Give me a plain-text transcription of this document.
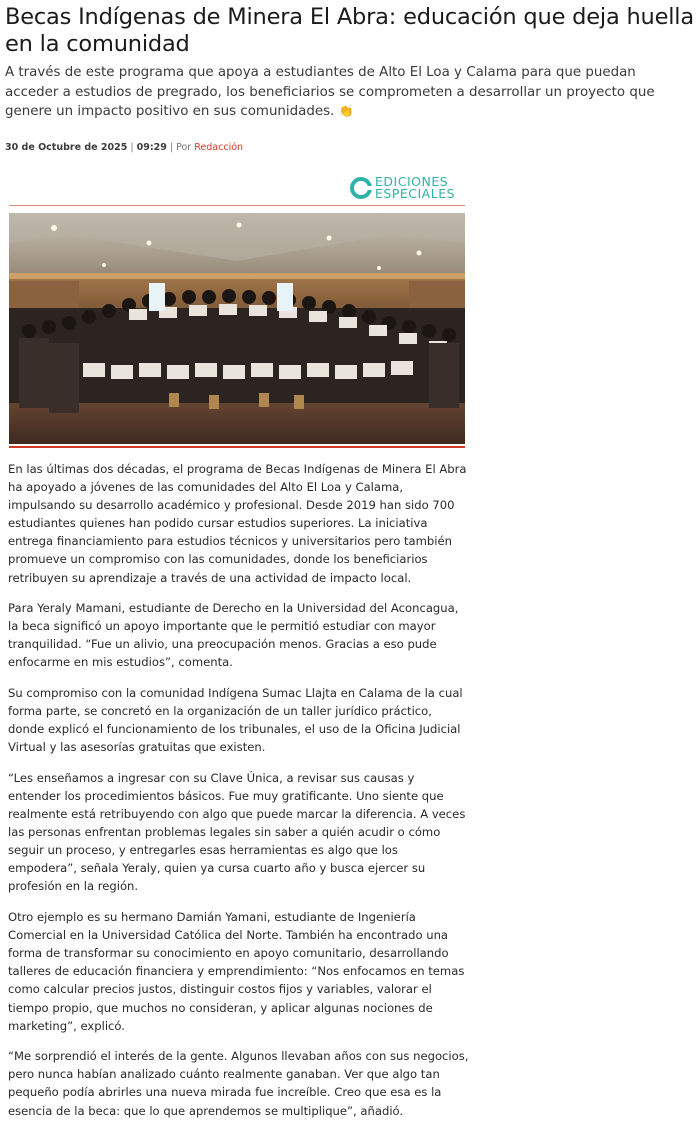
Becas Indígenas de Minera El Abra: educación que deja huella en la comunidad

A través de este programa que apoya a estudiantes de Alto El Loa y Calama para que puedan acceder a estudios de pregrado, los beneficiarios se comprometen a desarrollar un proyecto que genere un impacto positivo en sus comunidades. 👏

30 de Octubre de 2025 | 09:29 | Por Redacción
EDICIONES
ESPECIALES

En las últimas dos décadas, el programa de Becas Indígenas de Minera El Abra ha apoyado a jóvenes de las comunidades del Alto El Loa y Calama, impulsando su desarrollo académico y profesional. Desde 2019 han sido 700 estudiantes quienes han podido cursar estudios superiores. La iniciativa entrega financiamiento para estudios técnicos y universitarios pero también promueve un compromiso con las comunidades, donde los beneficiarios retribuyen su aprendizaje a través de una actividad de impacto local.

Para Yeraly Mamani, estudiante de Derecho en la Universidad del Aconcagua, la beca significó un apoyo importante que le permitió estudiar con mayor tranquilidad. “Fue un alivio, una preocupación menos. Gracias a eso pude enfocarme en mis estudios”, comenta.

Su compromiso con la comunidad Indígena Sumac Llajta en Calama de la cual forma parte, se concretó en la organización de un taller jurídico práctico, donde explicó el funcionamiento de los tribunales, el uso de la Oficina Judicial Virtual y las asesorías gratuitas que existen.

“Les enseñamos a ingresar con su Clave Única, a revisar sus causas y entender los procedimientos básicos. Fue muy gratificante. Uno siente que realmente está retribuyendo con algo que puede marcar la diferencia. A veces las personas enfrentan problemas legales sin saber a quién acudir o cómo seguir un proceso, y entregarles esas herramientas es algo que los empodera”, señala Yeraly, quien ya cursa cuarto año y busca ejercer su profesión en la región.

Otro ejemplo es su hermano Damián Yamani, estudiante de Ingeniería Comercial en la Universidad Católica del Norte. También ha encontrado una forma de transformar su conocimiento en apoyo comunitario, desarrollando talleres de educación financiera y emprendimiento: “Nos enfocamos en temas como calcular precios justos, distinguir costos fijos y variables, valorar el tiempo propio, que muchos no consideran, y aplicar algunas nociones de marketing”, explicó.

“Me sorprendió el interés de la gente. Algunos llevaban años con sus negocios, pero nunca habían analizado cuánto realmente ganaban. Ver que algo tan pequeño podía abrirles una nueva mirada fue increíble. Creo que esa es la esencia de la beca: que lo que aprendemos se multiplique”, añadió.
